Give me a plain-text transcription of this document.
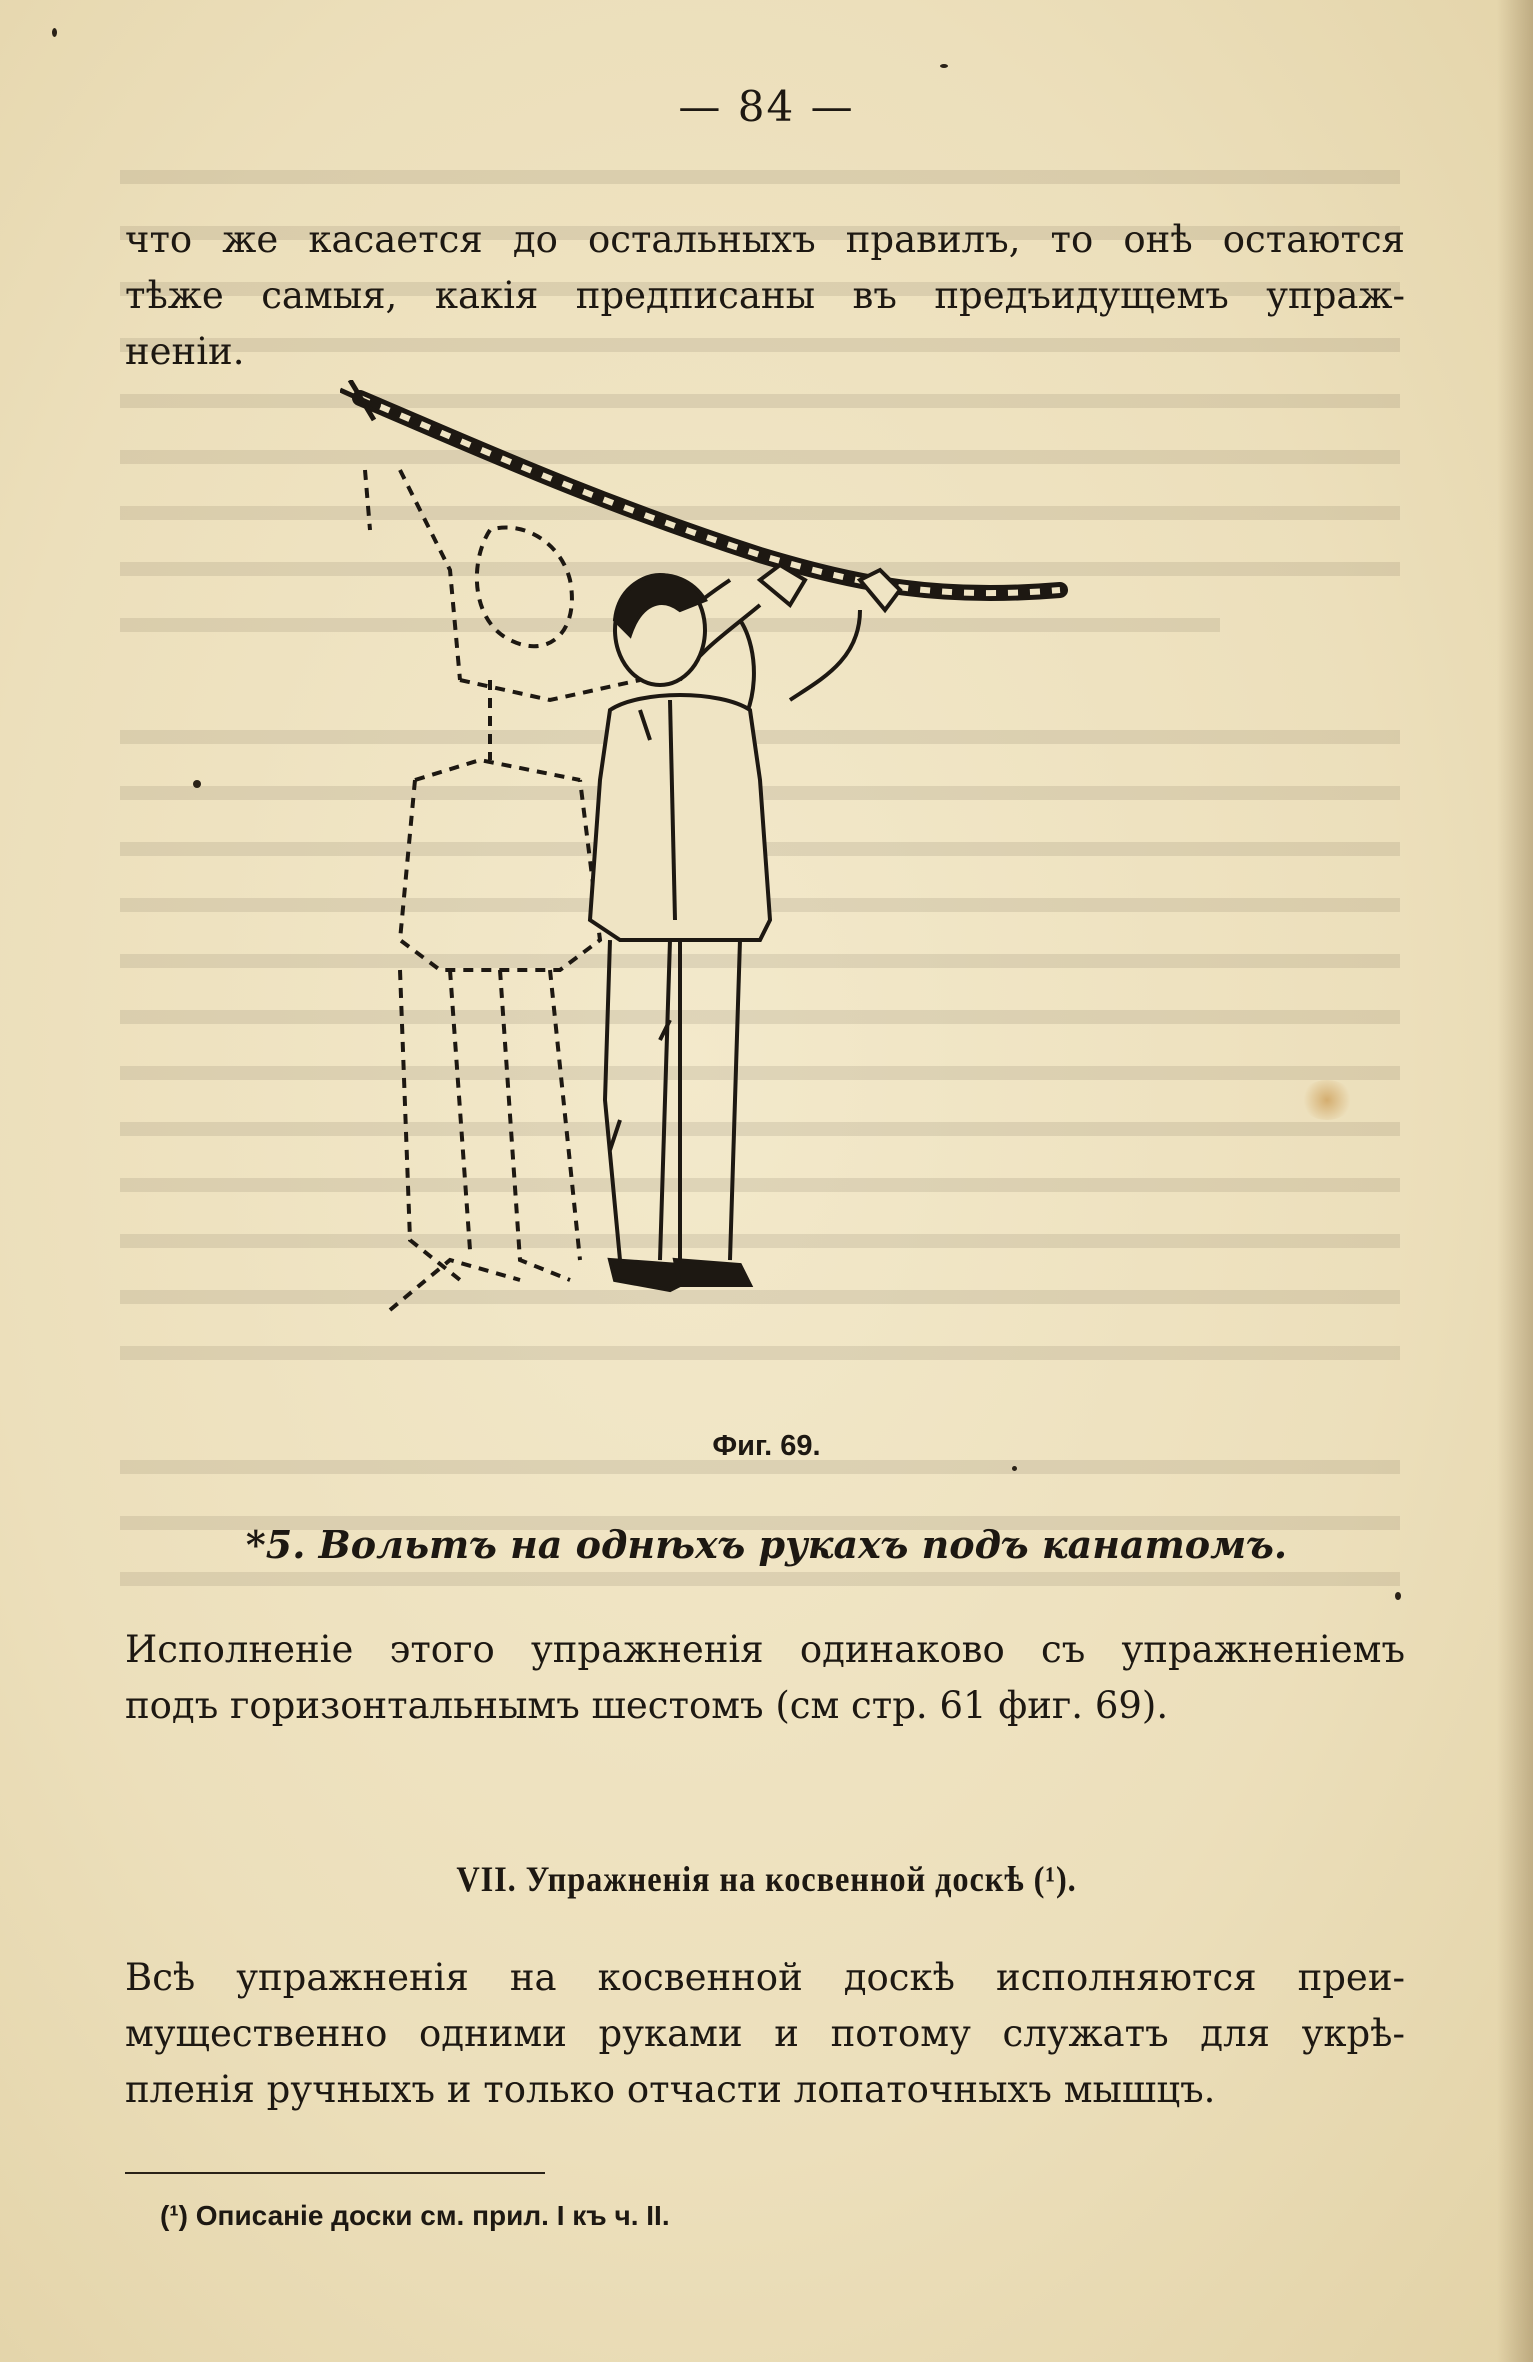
— 84 —
что же касается до остальныхъ правилъ, то онѣ остаются
тѣже самыя, какія предписаны въ предъидущемъ упраж-
неніи.
Фиг. 69.
*5. Вольтъ на однѣхъ рукахъ подъ канатомъ.
Исполненіе этого упражненія одинаково съ упражненіемъ
подъ горизонтальнымъ шестомъ (см стр. 61 фиг. 69).
VII. Упражненія на косвенной доскѣ (¹).
Всѣ упражненія на косвенной доскѣ исполняются преи-
мущественно одними руками и потому служатъ для укрѣ-
пленія ручныхъ и только отчасти лопаточныхъ мышцъ.
(¹) Описаніе доски см. прил. I къ ч. II.
